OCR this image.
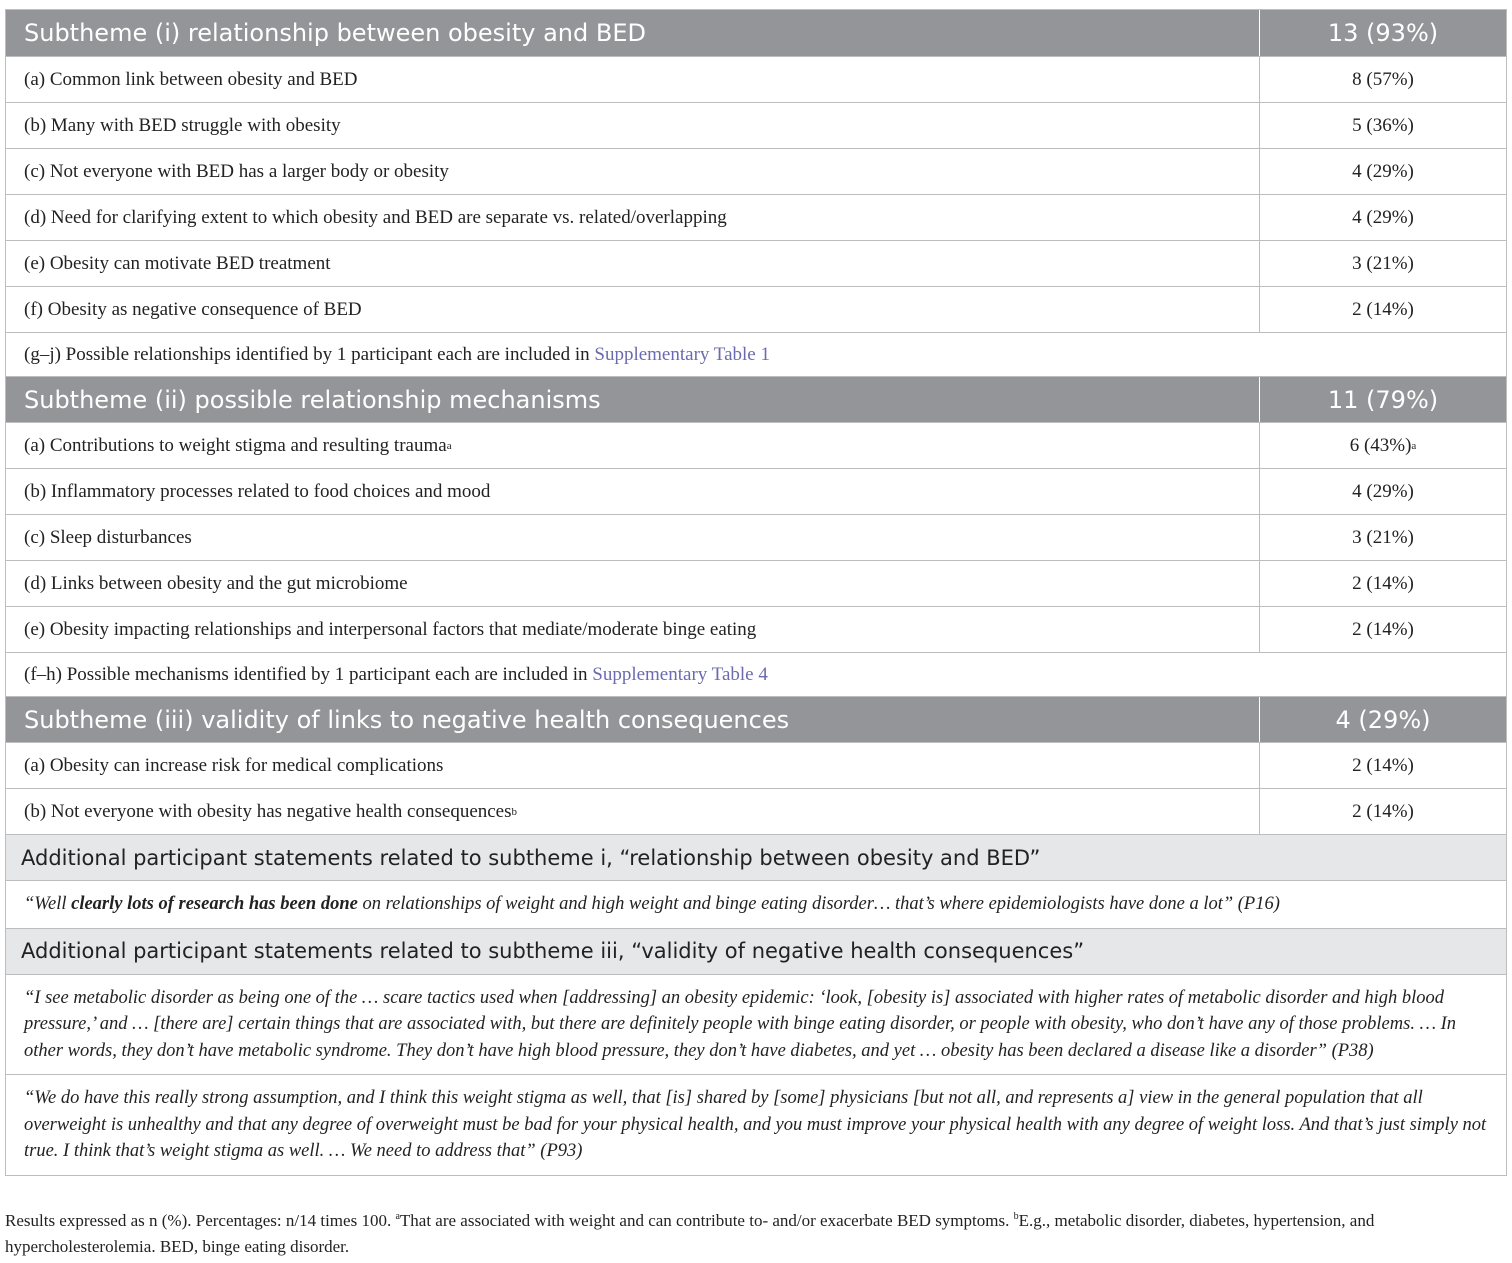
Subtheme (i) relationship between obesity and BED	13 (93%)
(a) Common link between obesity and BED	8 (57%)
(b) Many with BED struggle with obesity	5 (36%)
(c) Not everyone with BED has a larger body or obesity	4 (29%)
(d) Need for clarifying extent to which obesity and BED are separate vs. related/overlapping	4 (29%)
(e) Obesity can motivate BED treatment	3 (21%)
(f) Obesity as negative consequence of BED	2 (14%)
(g–j) Possible relationships identified by 1 participant each are included in Supplementary Table 1
Subtheme (ii) possible relationship mechanisms	11 (79%)
(a) Contributions to weight stigma and resulting trauma a	6 (43%) a
(b) Inflammatory processes related to food choices and mood	4 (29%)
(c) Sleep disturbances	3 (21%)
(d) Links between obesity and the gut microbiome	2 (14%)
(e) Obesity impacting relationships and interpersonal factors that mediate/moderate binge eating	2 (14%)
(f–h) Possible mechanisms identified by 1 participant each are included in Supplementary Table 4
Subtheme (iii) validity of links to negative health consequences	4 (29%)
(a) Obesity can increase risk for medical complications	2 (14%)
(b) Not everyone with obesity has negative health consequences b	2 (14%)
Additional participant statements related to subtheme i, “relationship between obesity and BED”
“Well clearly lots of research has been done on relationships of weight and high weight and binge eating disorder… that’s where epidemiologists have done a lot” (P16)
Additional participant statements related to subtheme iii, “validity of negative health consequences”
“I see metabolic disorder as being one of the … scare tactics used when [addressing] an obesity epidemic: ‘look, [obesity is] associated with higher rates of metabolic disorder and high blood pressure,’ and … [there are] certain things that are associated with, but there are definitely people with binge eating disorder, or people with obesity, who don’t have any of those problems. … In other words, they don’t have metabolic syndrome. They don’t have high blood pressure, they don’t have diabetes, and yet … obesity has been declared a disease like a disorder” (P38)
“We do have this really strong assumption, and I think this weight stigma as well, that [is] shared by [some] physicians [but not all, and represents a] view in the general population that all overweight is unhealthy and that any degree of overweight must be bad for your physical health, and you must improve your physical health with any degree of weight loss. And that’s just simply not true. I think that’s weight stigma as well. … We need to address that” (P93)
Results expressed as n (%). Percentages: n/14 times 100. $^a$That are associated with weight and can contribute to- and/or exacerbate BED symptoms. $^b$E.g., metabolic disorder, diabetes, hypertension, and hypercholesterolemia. BED, binge eating disorder.
